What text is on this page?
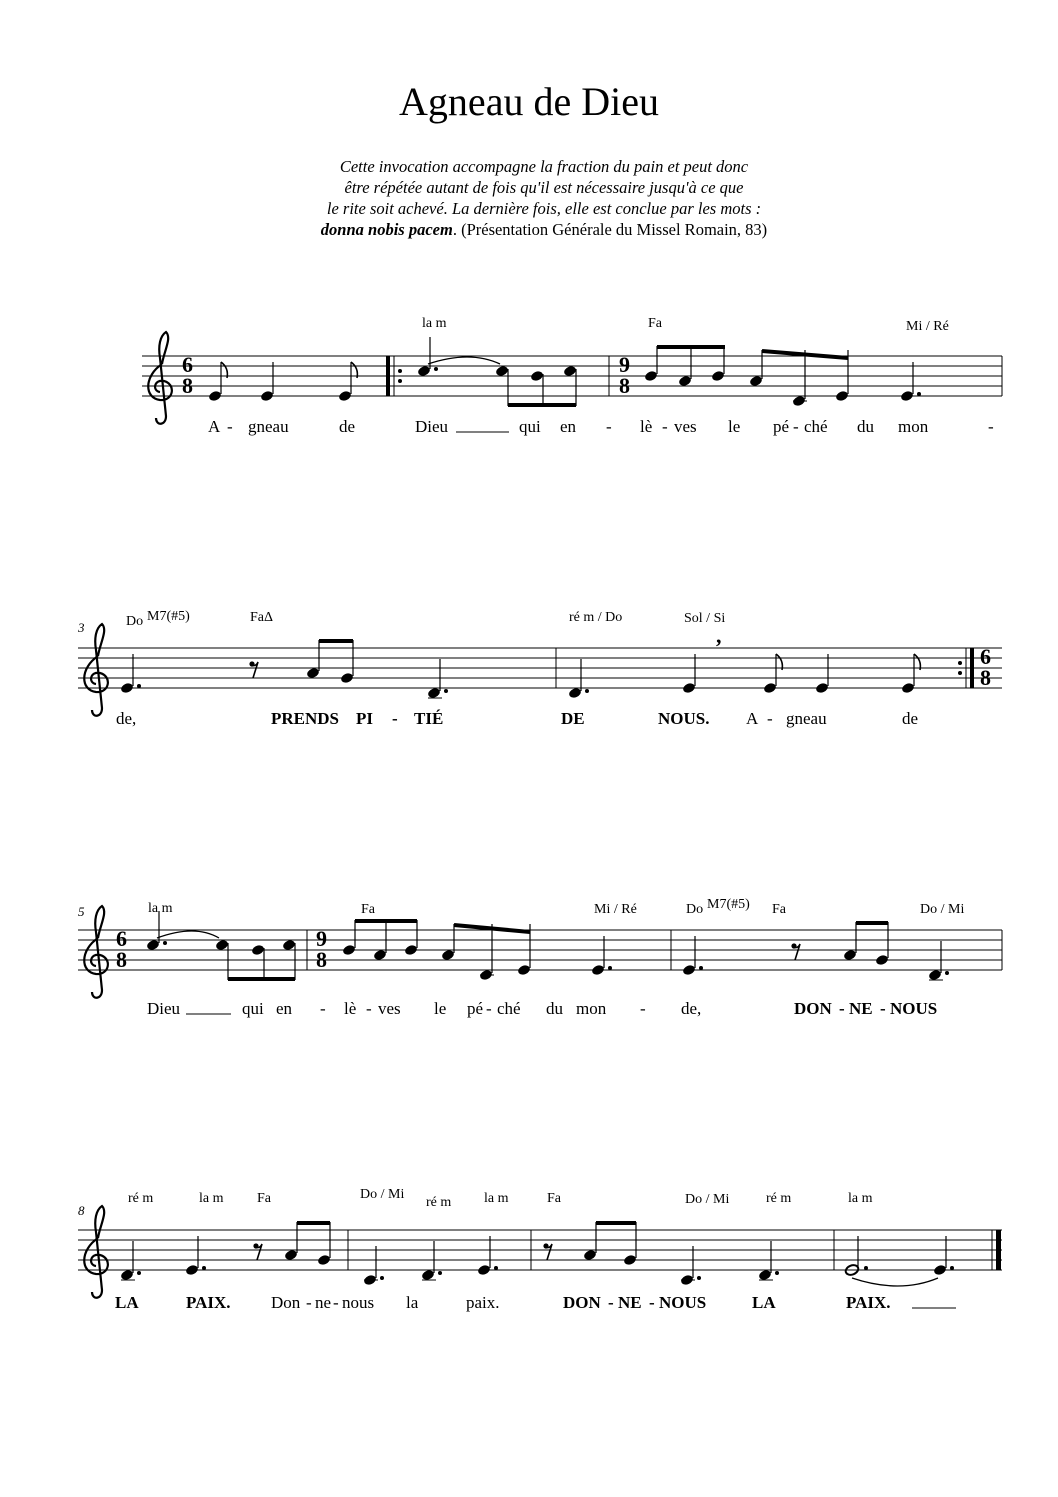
Agneau de Dieu
Cette invocation accompagne la fraction du pain et peut donc
être répétée autant de fois qu'il est nécessaire jusqu'à ce que
le rite soit achevé. La dernière fois, elle est conclue par les mots :
donna nobis pacem. (Présentation Générale du Missel Romain, 83)
6
8
9
8
la m	Fa	Mi / Ré
A - gneau	de	Dieu	qui en - lè - ves le pé - ché du mon	-
3	,
6
8
Do M7(#5)	FaΔ	ré m / Do	Sol / Si
de,	PRENDS PI - TIÉ	DE	NOUS. A - gneau	de
5
6
8
9
8
la m	Fa	Mi / Ré	Do M7(#5) Fa	Do / Mi
Dieu	qui en - lè - ves le pé - ché du mon - de,	DON - NE - NOUS
8
ré m	la m Fa	Do / Mi
ré m la m	Fa	Do / Mi	ré m	la m
LA	PAIX. Don - ne - nous la	paix.	DON - NE - NOUS	LA	PAIX.
